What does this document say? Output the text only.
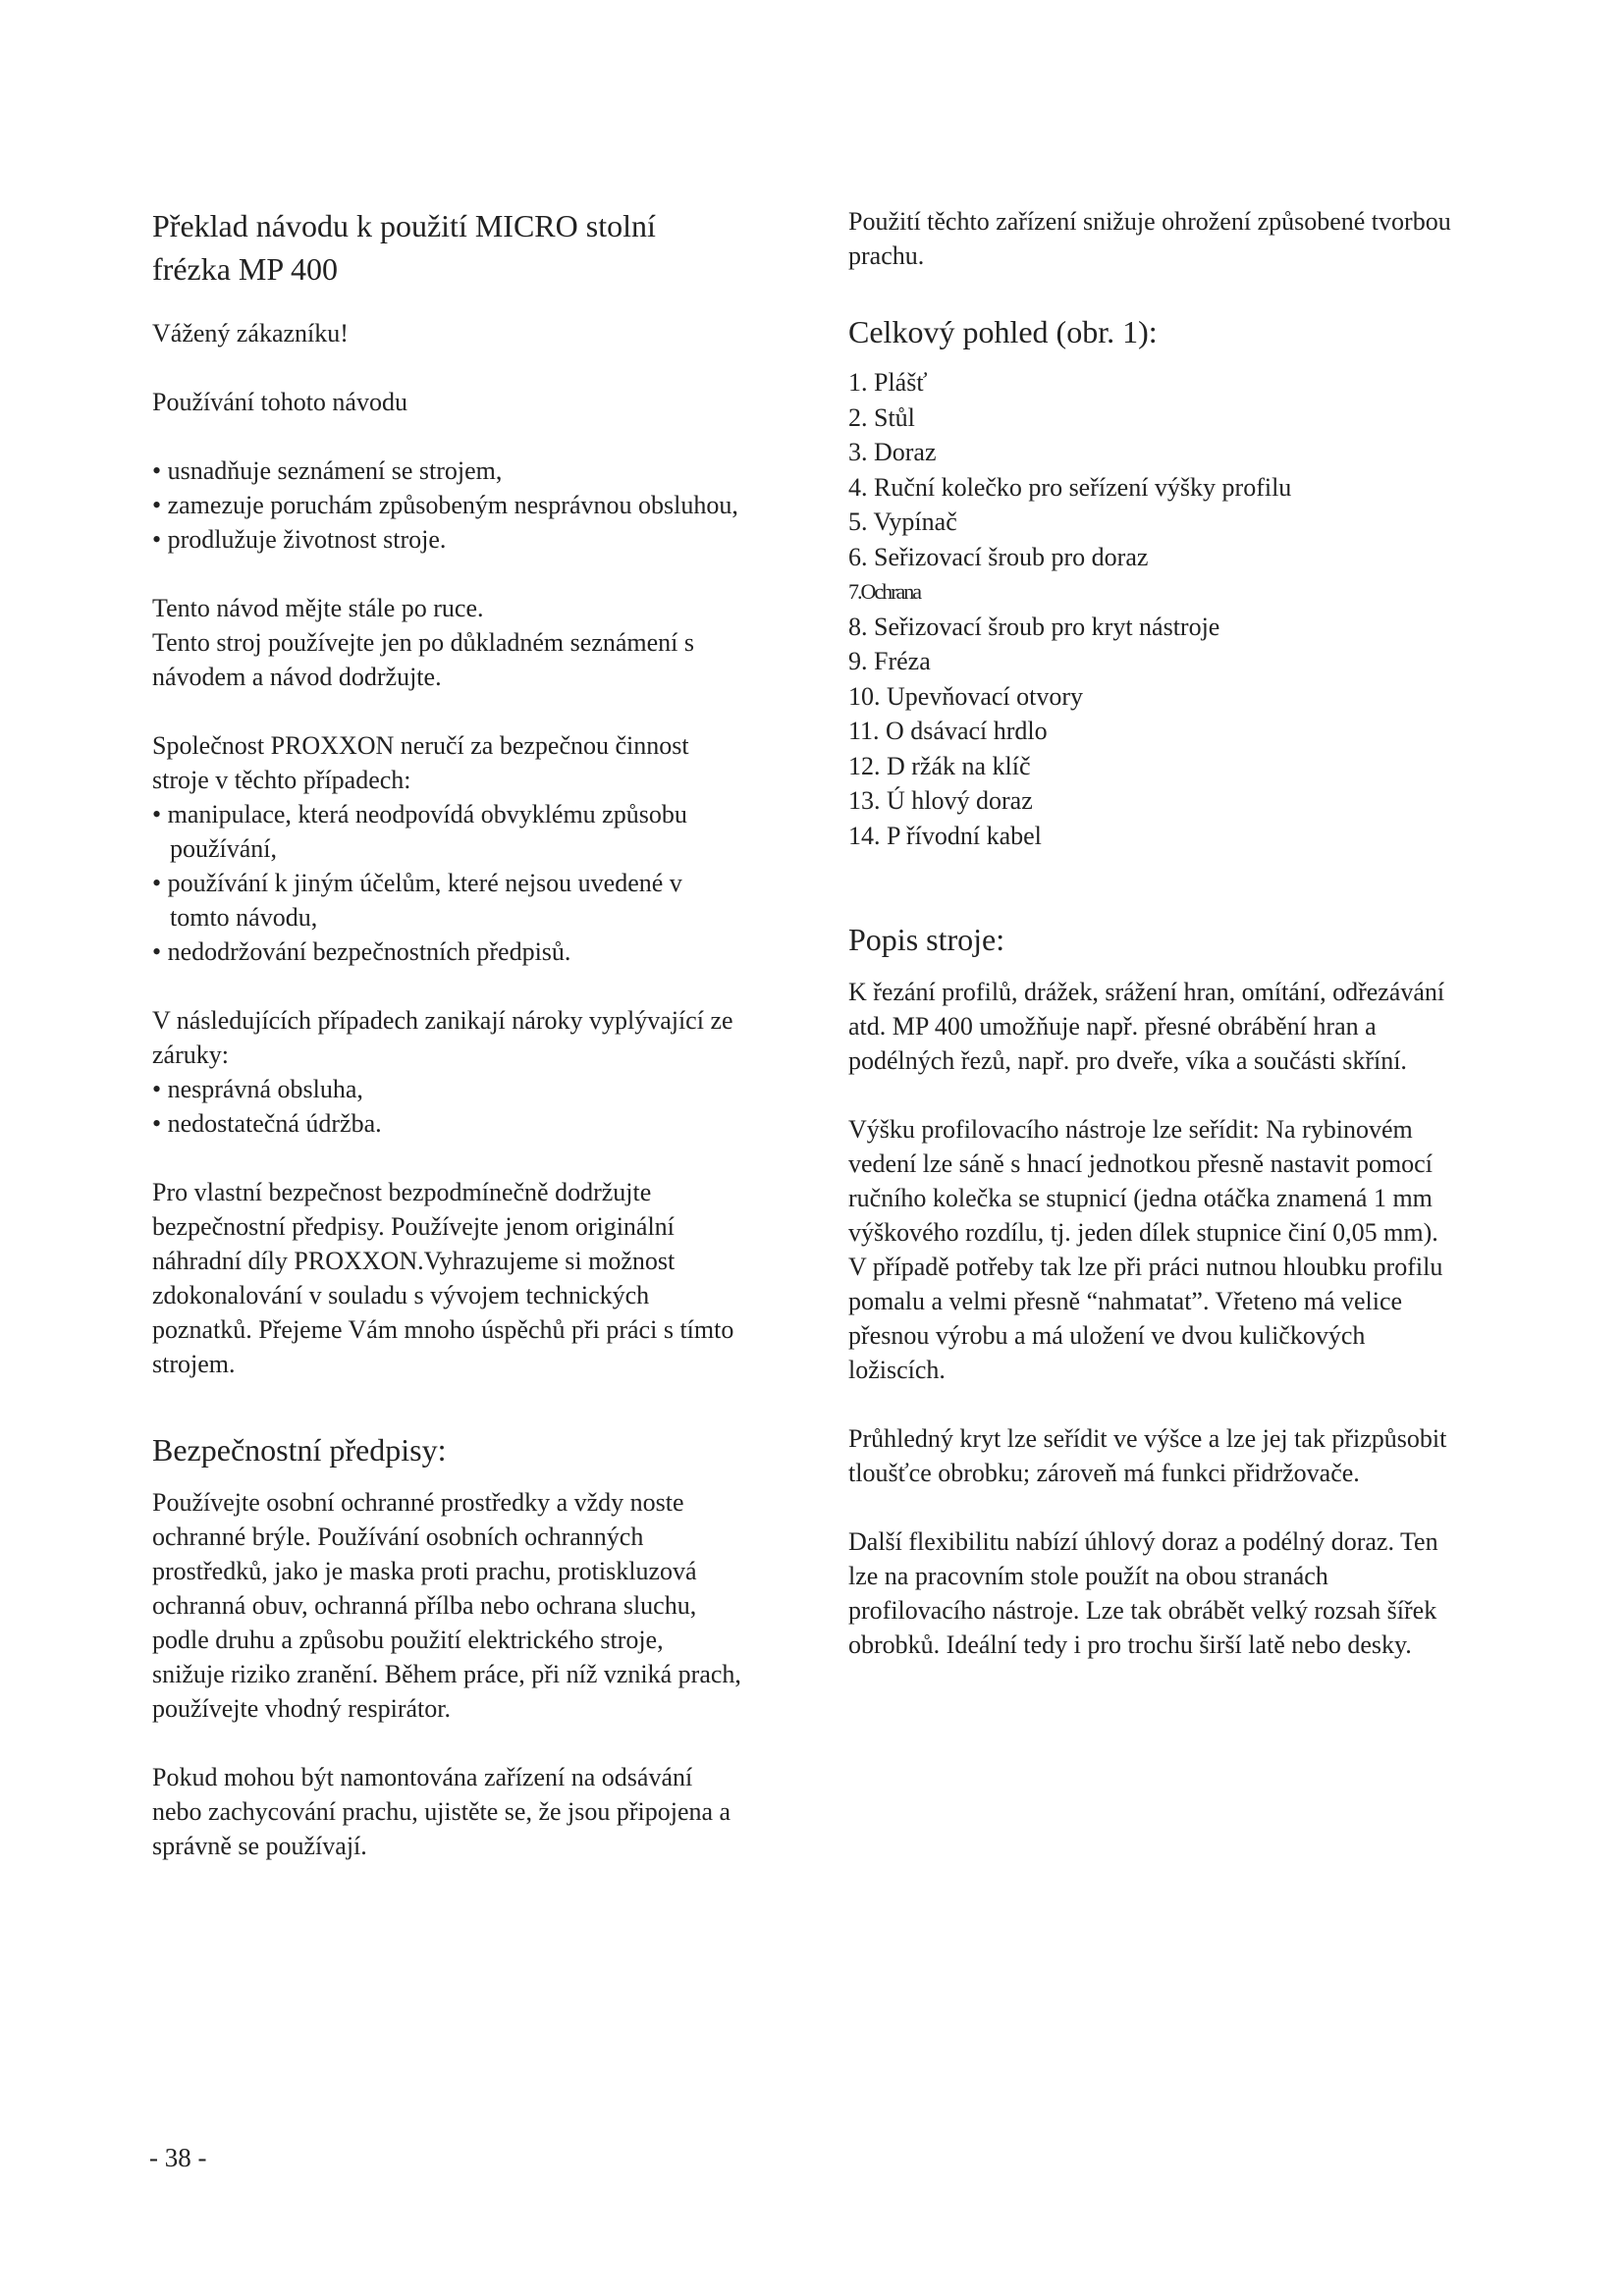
Překlad návodu k použití MICRO stolní frézka MP 400

Vážený zákazníku!

Používání tohoto návodu

• usnadňuje seznámení se strojem,

• zamezuje poruchám způsobeným nesprávnou obsluhou,

• prodlužuje životnost stroje.

Tento návod mějte stále po ruce.

Tento stroj používejte jen po důkladném seznámení s návodem a návod dodržujte.

Společnost PROXXON neručí za bezpečnou činnost stroje v těchto případech:

• manipulace, která neodpovídá obvyklému způsobu používání,

• používání k jiným účelům, které nejsou uvedené v tomto návodu,

• nedodržování bezpečnostních předpisů.

V následujících případech zanikají nároky vyplývající ze záruky:

• nesprávná obsluha,

• nedostatečná údržba.

Pro vlastní bezpečnost bezpodmínečně dodržujte bezpečnostní předpisy. Používejte jenom originální náhradní díly PROXXON.Vyhrazujeme si možnost zdokonalování v souladu s vývojem technických poznatků. Přejeme Vám mnoho úspěchů při práci s tímto strojem.

Bezpečnostní předpisy:

Používejte osobní ochranné prostředky a vždy noste ochranné brýle. Používání osobních ochranných prostředků, jako je maska proti prachu, protiskluzová ochranná obuv, ochranná přílba nebo ochrana sluchu, podle druhu a způsobu použití elektrického stroje, snižuje riziko zranění. Během práce, při níž vzniká prach, používejte vhodný respirátor.

Pokud mohou být namontována zařízení na odsávání nebo zachycování prachu, ujistěte se, že jsou připojena a správně se používají.

Použití těchto zařízení snižuje ohrožení způsobené tvorbou prachu.

Celkový pohled (obr. 1):

1. Plášť

2. Stůl

3. Doraz

4. Ruční kolečko pro seřízení výšky profilu

5. Vypínač

6. Seřizovací šroub pro doraz

7.Ochrana

8. Seřizovací šroub pro kryt nástroje

9. Fréza

10. Upevňovací otvory

11. O dsávací hrdlo

12. D ržák na klíč

13. Ú hlový doraz

14. P řívodní kabel

Popis stroje:

K řezání profilů, drážek, srážení hran, omítání, odřezávání atd. MP 400 umožňuje např. přesné obrábění hran a podélných řezů, např. pro dveře, víka a součásti skříní.

Výšku profilovacího nástroje lze seřídit: Na rybinovém vedení lze sáně s hnací jednotkou přesně nastavit pomocí ručního kolečka se stupnicí (jedna otáčka znamená 1 mm výškového rozdílu, tj. jeden dílek stupnice činí 0,05 mm). V případě potřeby tak lze při práci nutnou hloubku profilu pomalu a velmi přesně “nahmatat”. Vřeteno má velice přesnou výrobu a má uložení ve dvou kuličkových ložiscích.

Průhledný kryt lze seřídit ve výšce a lze jej tak přizpůsobit tloušťce obrobku; zároveň má funkci přidržovače.

Další flexibilitu nabízí úhlový doraz a podélný doraz. Ten lze na pracovním stole použít na obou stranách profilovacího nástroje. Lze tak obrábět velký rozsah šířek obrobků. Ideální tedy i pro trochu širší latě nebo desky.

- 38 -
